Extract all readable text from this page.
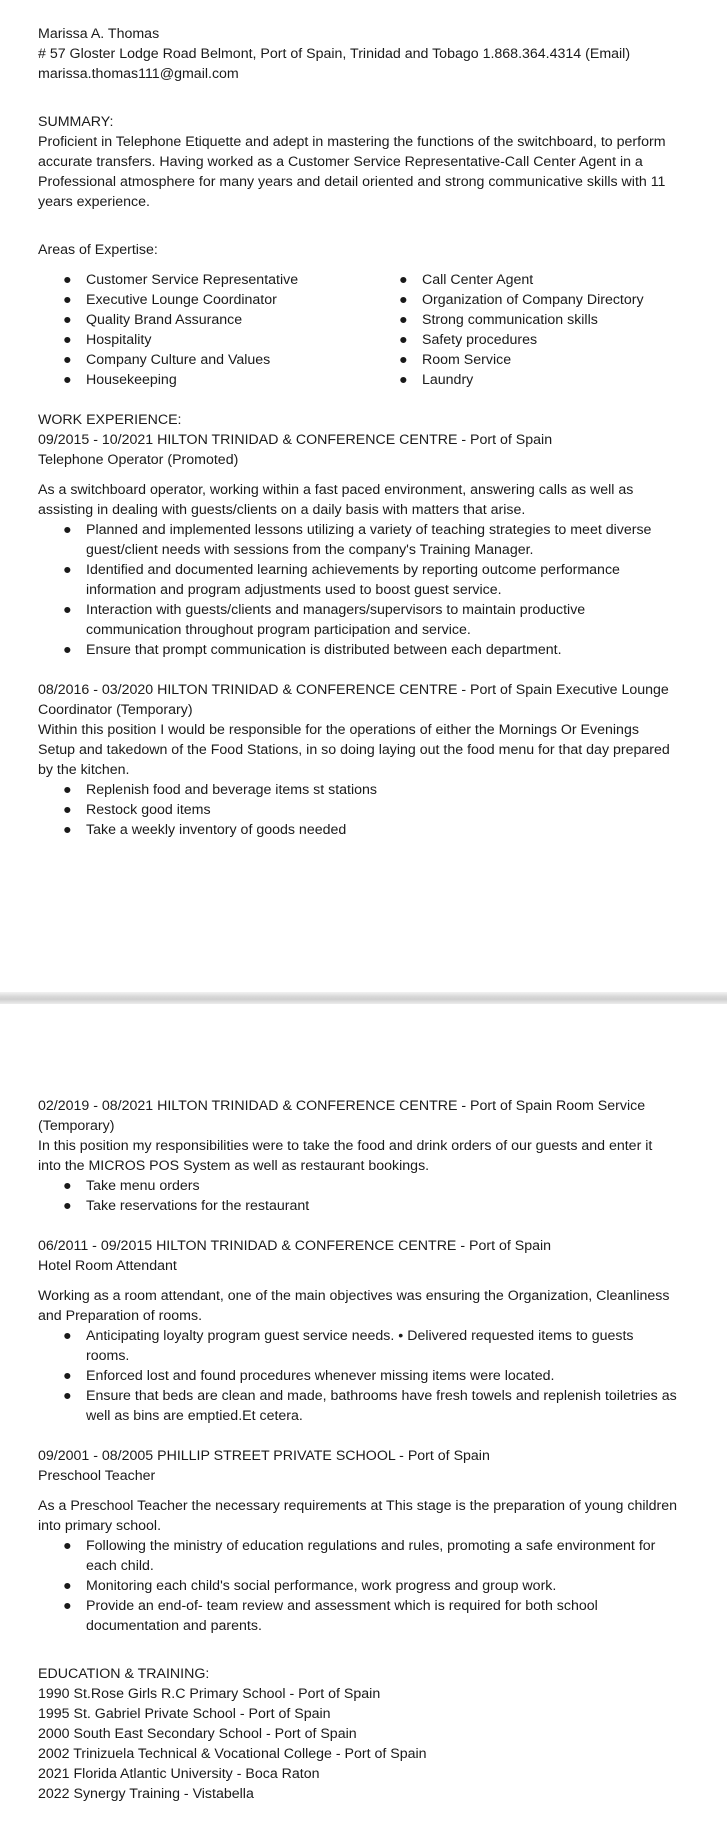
Marissa A. Thomas

# 57 Gloster Lodge Road Belmont, Port of Spain, Trinidad and Tobago 1.868.364.4314 (Email)

marissa.thomas111@gmail.com

SUMMARY:

Proficient in Telephone Etiquette and adept in mastering the functions of the switchboard, to perform accurate transfers. Having worked as a Customer Service Representative-Call Center Agent in a Professional atmosphere for many years and detail oriented and strong communicative skills with 11 years experience.

Areas of Expertise:

● Customer Service Representative
● Executive Lounge Coordinator
● Quality Brand Assurance
● Hospitality
● Company Culture and Values
● Housekeeping
● Call Center Agent
● Organization of Company Directory
● Strong communication skills
● Safety procedures
● Room Service
● Laundry

WORK EXPERIENCE:

09/2015 - 10/2021 HILTON TRINIDAD & CONFERENCE CENTRE - Port of Spain

Telephone Operator (Promoted)

As a switchboard operator, working within a fast paced environment, answering calls as well as assisting in dealing with guests/clients on a daily basis with matters that arise.

● Planned and implemented lessons utilizing a variety of teaching strategies to meet diverse guest/client needs with sessions from the company's Training Manager.
● Identified and documented learning achievements by reporting outcome performance information and program adjustments used to boost guest service.
● Interaction with guests/clients and managers/supervisors to maintain productive communication throughout program participation and service.
● Ensure that prompt communication is distributed between each department.

08/2016 - 03/2020 HILTON TRINIDAD & CONFERENCE CENTRE - Port of Spain Executive Lounge Coordinator (Temporary)

Within this position I would be responsible for the operations of either the Mornings Or Evenings Setup and takedown of the Food Stations, in so doing laying out the food menu for that day prepared by the kitchen.

● Replenish food and beverage items st stations
● Restock good items
● Take a weekly inventory of goods needed

02/2019 - 08/2021 HILTON TRINIDAD & CONFERENCE CENTRE - Port of Spain Room Service (Temporary)

In this position my responsibilities were to take the food and drink orders of our guests and enter it into the MICROS POS System as well as restaurant bookings.

● Take menu orders
● Take reservations for the restaurant

06/2011 - 09/2015 HILTON TRINIDAD & CONFERENCE CENTRE - Port of Spain

Hotel Room Attendant

Working as a room attendant, one of the main objectives was ensuring the Organization, Cleanliness and Preparation of rooms.

● Anticipating loyalty program guest service needs. • Delivered requested items to guests rooms.
● Enforced lost and found procedures whenever missing items were located.
● Ensure that beds are clean and made, bathrooms have fresh towels and replenish toiletries as well as bins are emptied.Et cetera.

09/2001 - 08/2005 PHILLIP STREET PRIVATE SCHOOL - Port of Spain

Preschool Teacher

As a Preschool Teacher the necessary requirements at This stage is the preparation of young children into primary school.

● Following the ministry of education regulations and rules, promoting a safe environment for each child.
● Monitoring each child's social performance, work progress and group work.
● Provide an end-of- team review and assessment which is required for both school documentation and parents.

EDUCATION & TRAINING:

1990 St.Rose Girls R.C Primary School - Port of Spain

1995 St. Gabriel Private School - Port of Spain

2000 South East Secondary School - Port of Spain

2002 Trinizuela Technical & Vocational College - Port of Spain

2021 Florida Atlantic University - Boca Raton

2022 Synergy Training - Vistabella
